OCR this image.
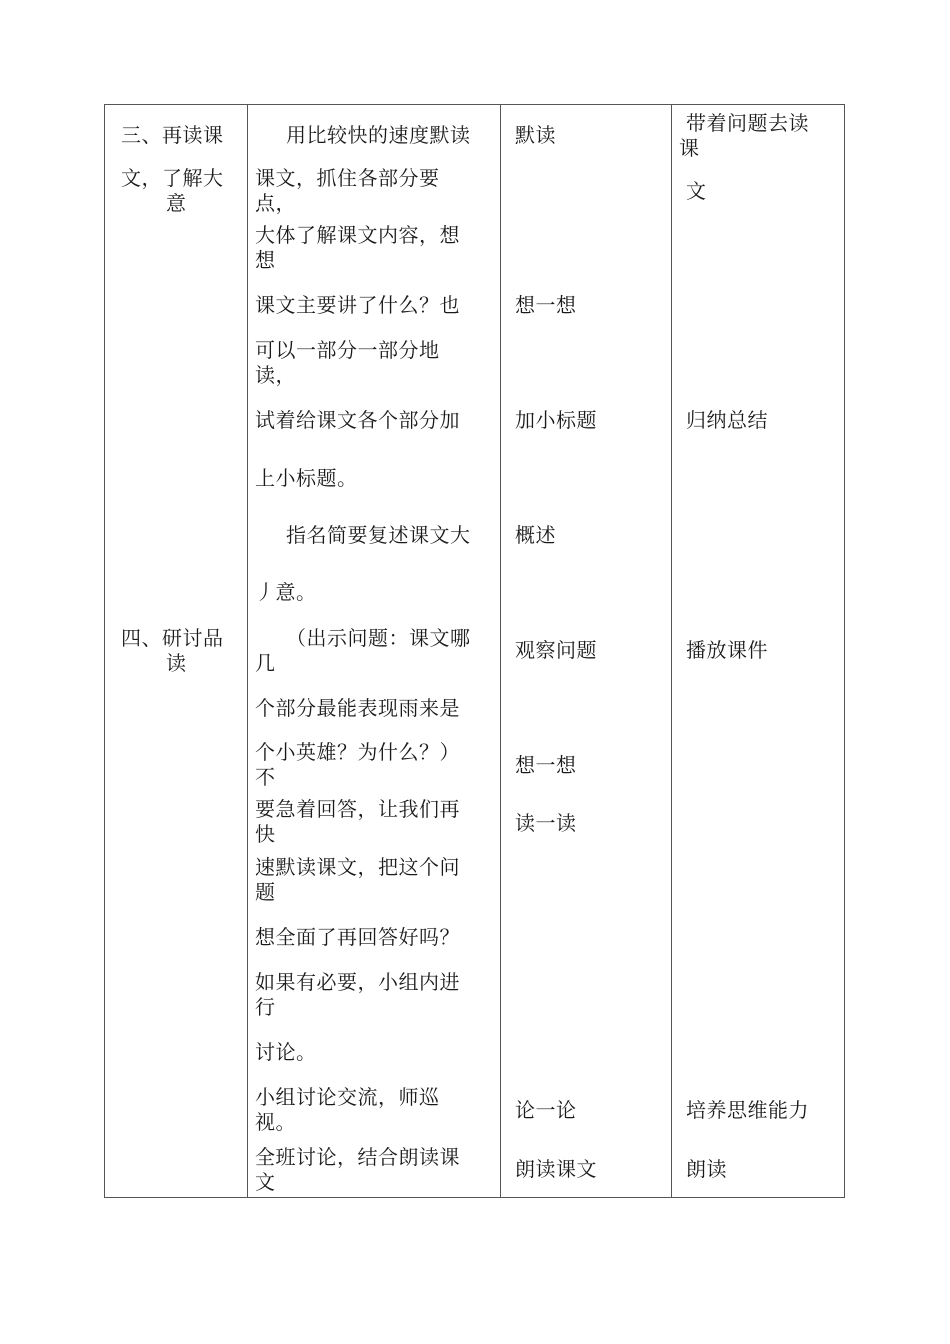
三、再读课
文，了解大
意
四、研讨品
读
用比较快的速度默读
课文，抓住各部分要
点，
大体了解课文内容，想
想
课文主要讲了什么？也
可以一部分一部分地
读，
试着给课文各个部分加
上小标题。
指名简要复述课文大
丿意。
（出示问题：课文哪
几
个部分最能表现雨来是
个小英雄？为什么？）
不
要急着回答，让我们再
快
速默读课文，把这个问
题
想全面了再回答好吗？
如果有必要，小组内进
行
讨论。
小组讨论交流，师巡
视。
全班讨论，结合朗读课
文
默读
想一想
加小标题
概述
观察问题
想一想
读一读
论一论
朗读课文
带着问题去读
课
文
归纳总结
播放课件
培养思维能力
朗读
